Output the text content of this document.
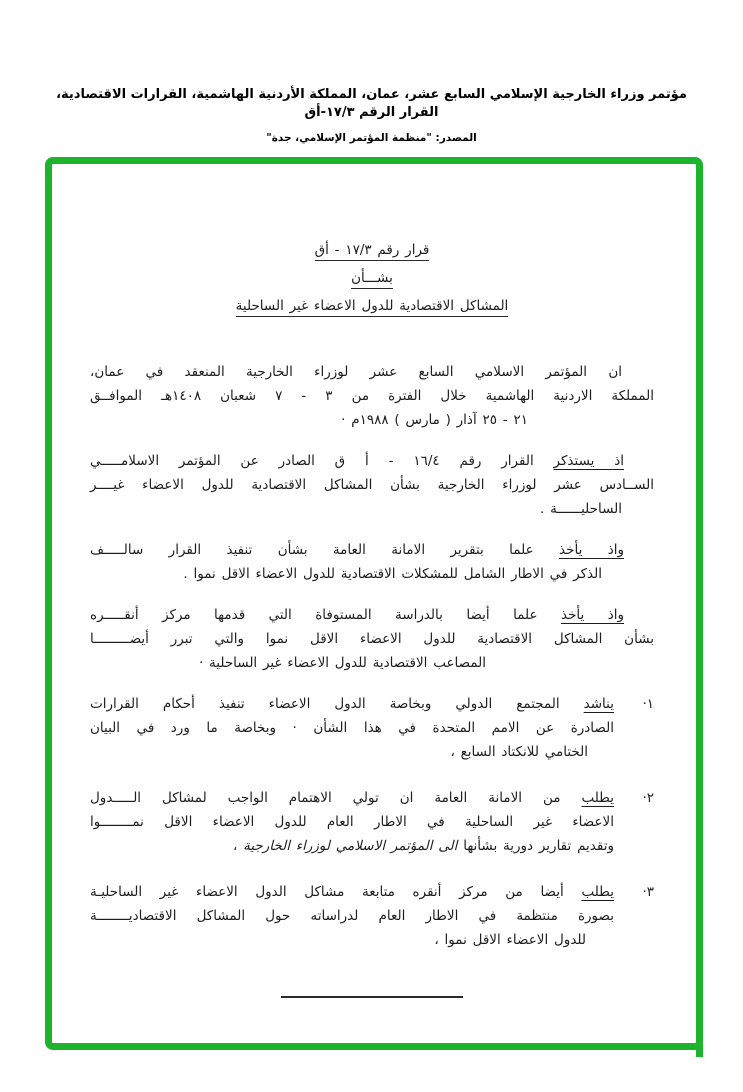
مؤتمر وزراء الخارجية الإسلامي السابع عشر، عمان، المملكة الأردنية الهاشمية، القرارات الاقتصادية، القرار الرقم ١٧/٣-أق
المصدر: "منظمة المؤتمر الإسلامي، جدة"
قرار رقم ١٧/٣ - أق
بشـــأن
المشاكل الاقتصادية للدول الاعضاء غير الساحلية
ان المؤتمر الاسلامي السابع عشر لوزراء الخارجية المنعقد في عمان،
المملكة الاردنية الهاشمية خلال الفترة من ٣ - ٧ شعبان ١٤٠٨هـ الموافــق
٢١ - ٢٥ آذار ( مارس ) ١٩٨٨م ·
اذ يستذكر القرار رقم ١٦/٤ - أ ق الصادر عن المؤتمر الاسلامـــــي
الســادس عشر لوزراء الخارجية بشأن المشاكل الاقتصادية للدول الاعضاء غيــــر
الساحليــــــة .
واذ يأخذ علما بتقرير الامانة العامة بشأن تنفيذ القرار سالـــــف
الذكر في الاطار الشامل للمشكلات الاقتصادية للدول الاعضاء الاقل نموا .
واذ يأخذ علما أيضا بالدراسة المستوفاة التي قدمها مركز أنقـــــره
بشأن المشاكل الاقتصادية للدول الاعضاء الاقل نموا والتي تبرر أيضـــــــــا
المصاعب الاقتصادية للدول الاعضاء غير الساحلية ·
١·
يناشد المجتمع الدولي وبخاصة الدول الاعضاء تنفيذ أحكام القرارات
الصادرة عن الامم المتحدة في هذا الشأن · وبخاصة ما ورد في البيان
الختامي للانكتاد السابع ،
٢·
يطلب من الامانة العامة ان تولي الاهتمام الواجب لمشاكل الـــــدول
الاعضاء غير الساحلية في الاطار العام للدول الاعضاء الاقل نمــــــــوا
وتقديم تقارير دورية بشأنها الى المؤتمر الاسلامي لوزراء الخارجية ،
٣·
يطلب أيضا من مركز أنقره متابعة مشاكل الدول الاعضاء غير الساحليـة
بصورة منتظمة في الاطار العام لدراساته حول المشاكل الاقتصاديــــــــة
للدول الاعضاء الاقل نموا ،
